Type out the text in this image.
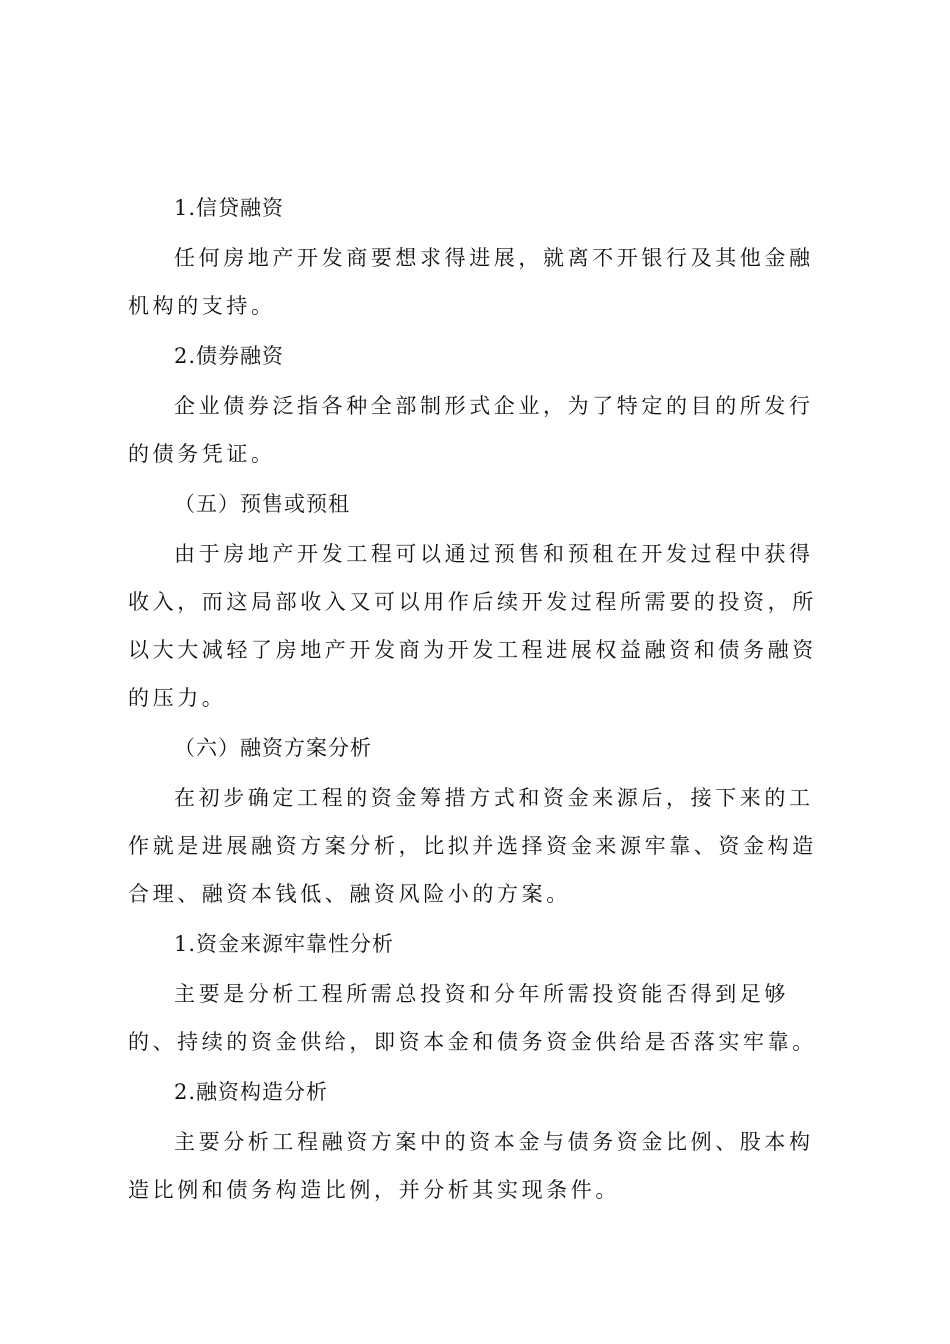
1.信贷融资

任何房地产开发商要想求得进展，就离不开银行及其他金融机构的支持。

2.债券融资

企业债券泛指各种全部制形式企业，为了特定的目的所发行的债务凭证。

（五）预售或预租

由于房地产开发工程可以通过预售和预租在开发过程中获得收入，而这局部收入又可以用作后续开发过程所需要的投资，所以大大减轻了房地产开发商为开发工程进展权益融资和债务融资的压力。

（六）融资方案分析

在初步确定工程的资金筹措方式和资金来源后，接下来的工作就是进展融资方案分析，比拟并选择资金来源牢靠、资金构造合理、融资本钱低、融资风险小的方案。

1.资金来源牢靠性分析

主要是分析工程所需总投资和分年所需投资能否得到足够的、持续的资金供给，即资本金和债务资金供给是否落实牢靠。

2.融资构造分析

主要分析工程融资方案中的资本金与债务资金比例、股本构造比例和债务构造比例，并分析其实现条件。
